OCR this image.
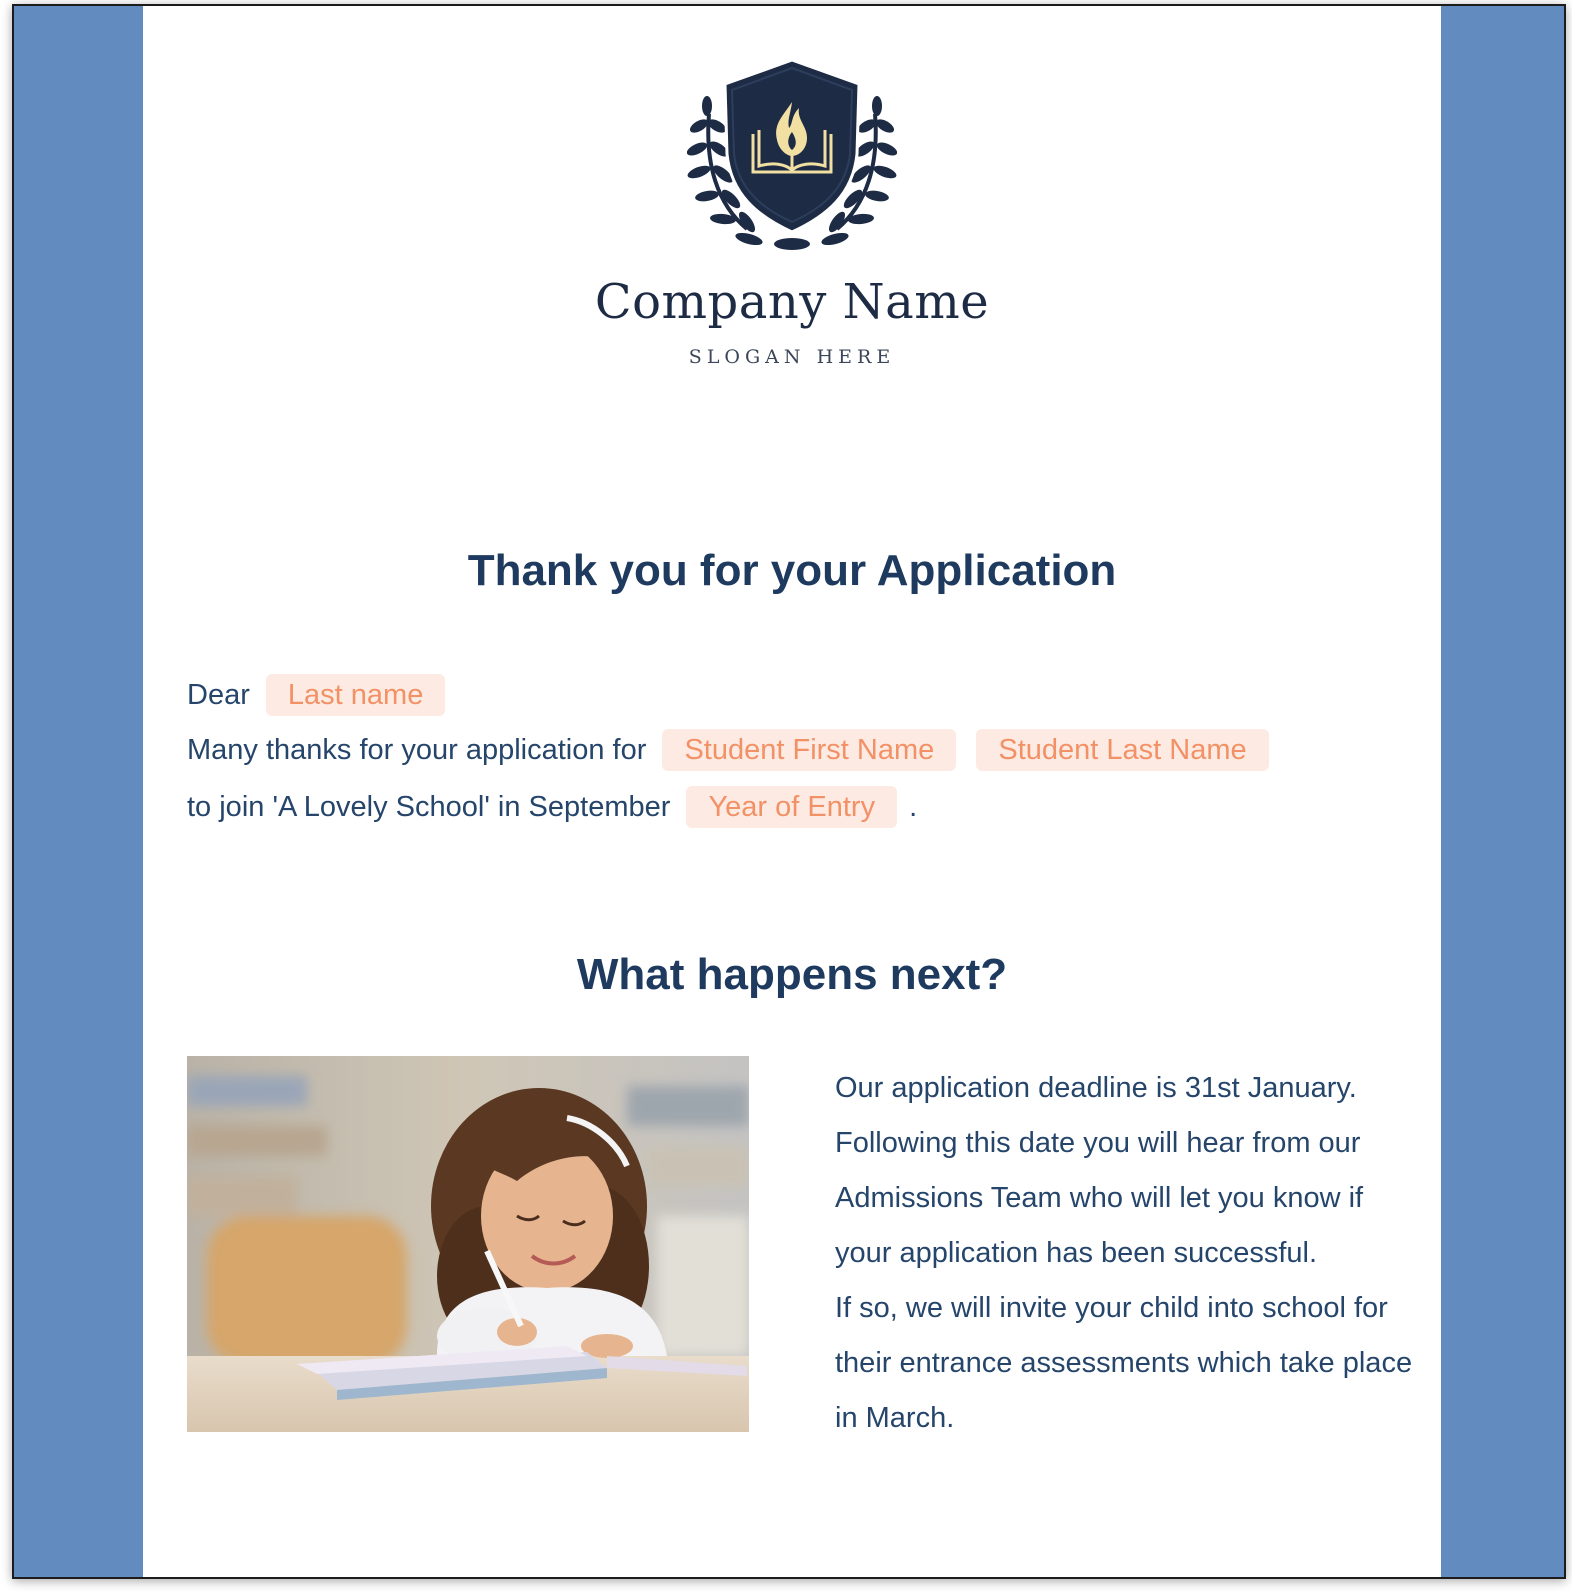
Company Name
SLOGAN HERE
Thank you for your Application
Dear Last name
Many thanks for your application for Student First Name Student Last Name
to join 'A Lovely School' in September Year of Entry .
What happens next?

Our application deadline is 31st January. Following this date you will hear from our Admissions Team who will let you know if your application has been successful.

If so, we will invite your child into school for their entrance assessments which take place in March.
